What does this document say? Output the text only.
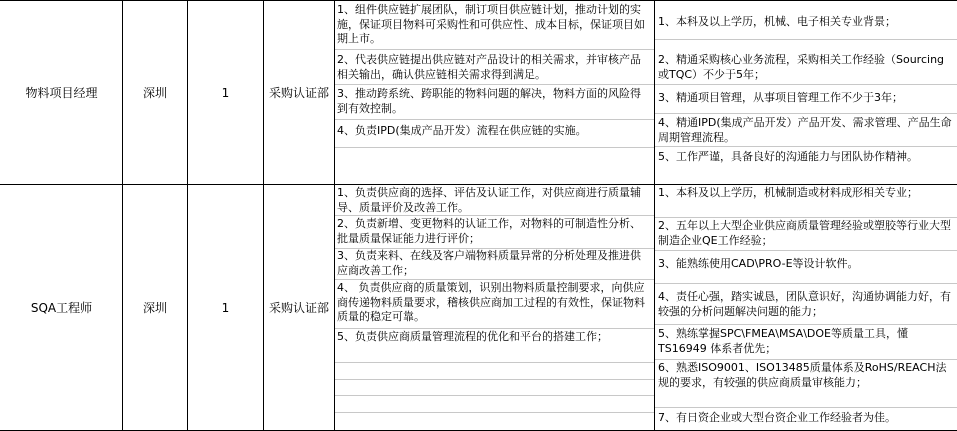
物料项目经理	深圳	1	采购认证部
1、组件供应链扩展团队，制订项目供应链计划，推动计划的实施，保证项目物料可采购性和可供应性、成本目标，保证项目如期上市。
2、代表供应链提出供应链对产品设计的相关需求，并审核产品相关输出，确认供应链相关需求得到满足。
3、推动跨系统、跨职能的物料问题的解决，物料方面的风险得到有效控制。
4、负责IPD(集成产品开发）流程在供应链的实施。
1、本科及以上学历，机械、电子相关专业背景；
2、精通采购核心业务流程，采购相关工作经验（Sourcing或TQC）不少于5年；
3、精通项目管理，从事项目管理工作不少于3年；
4、精通IPD(集成产品开发）产品开发、需求管理、产品生命周期管理流程。
5、工作严谨，具备良好的沟通能力与团队协作精神。
SQA工程师	深圳	1	采购认证部
1、负责供应商的选择、评估及认证工作，对供应商进行质量辅导、质量评价及改善工作。
2、负责新增、变更物料的认证工作，对物料的可制造性分析、批量质量保证能力进行评价；
3、负责来料、在线及客户端物料质量异常的分析处理及推进供应商改善工作；
4、 负责供应商的质量策划，识别出物料质量控制要求，向供应商传递物料质量要求，稽核供应商加工过程的有效性，保证物料质量的稳定可靠。
5、负责供应商质量管理流程的优化和平台的搭建工作；
1、本科及以上学历，机械制造或材料成形相关专业；
2、五年以上大型企业供应商质量管理经验或塑胶等行业大型制造企业QE工作经验；
3、能熟练使用CAD\PRO-E等设计软件。
4、责任心强，踏实诚恳，团队意识好，沟通协调能力好，有较强的分析问题解决问题的能力；
5、熟练掌握SPC\FMEA\MSA\DOE等质量工具，懂TS16949 体系者优先；
6、熟悉ISO9001、ISO13485质量体系及RoHS/REACH法规的要求，有较强的供应商质量审核能力；
7、有日资企业或大型台资企业工作经验者为佳。
